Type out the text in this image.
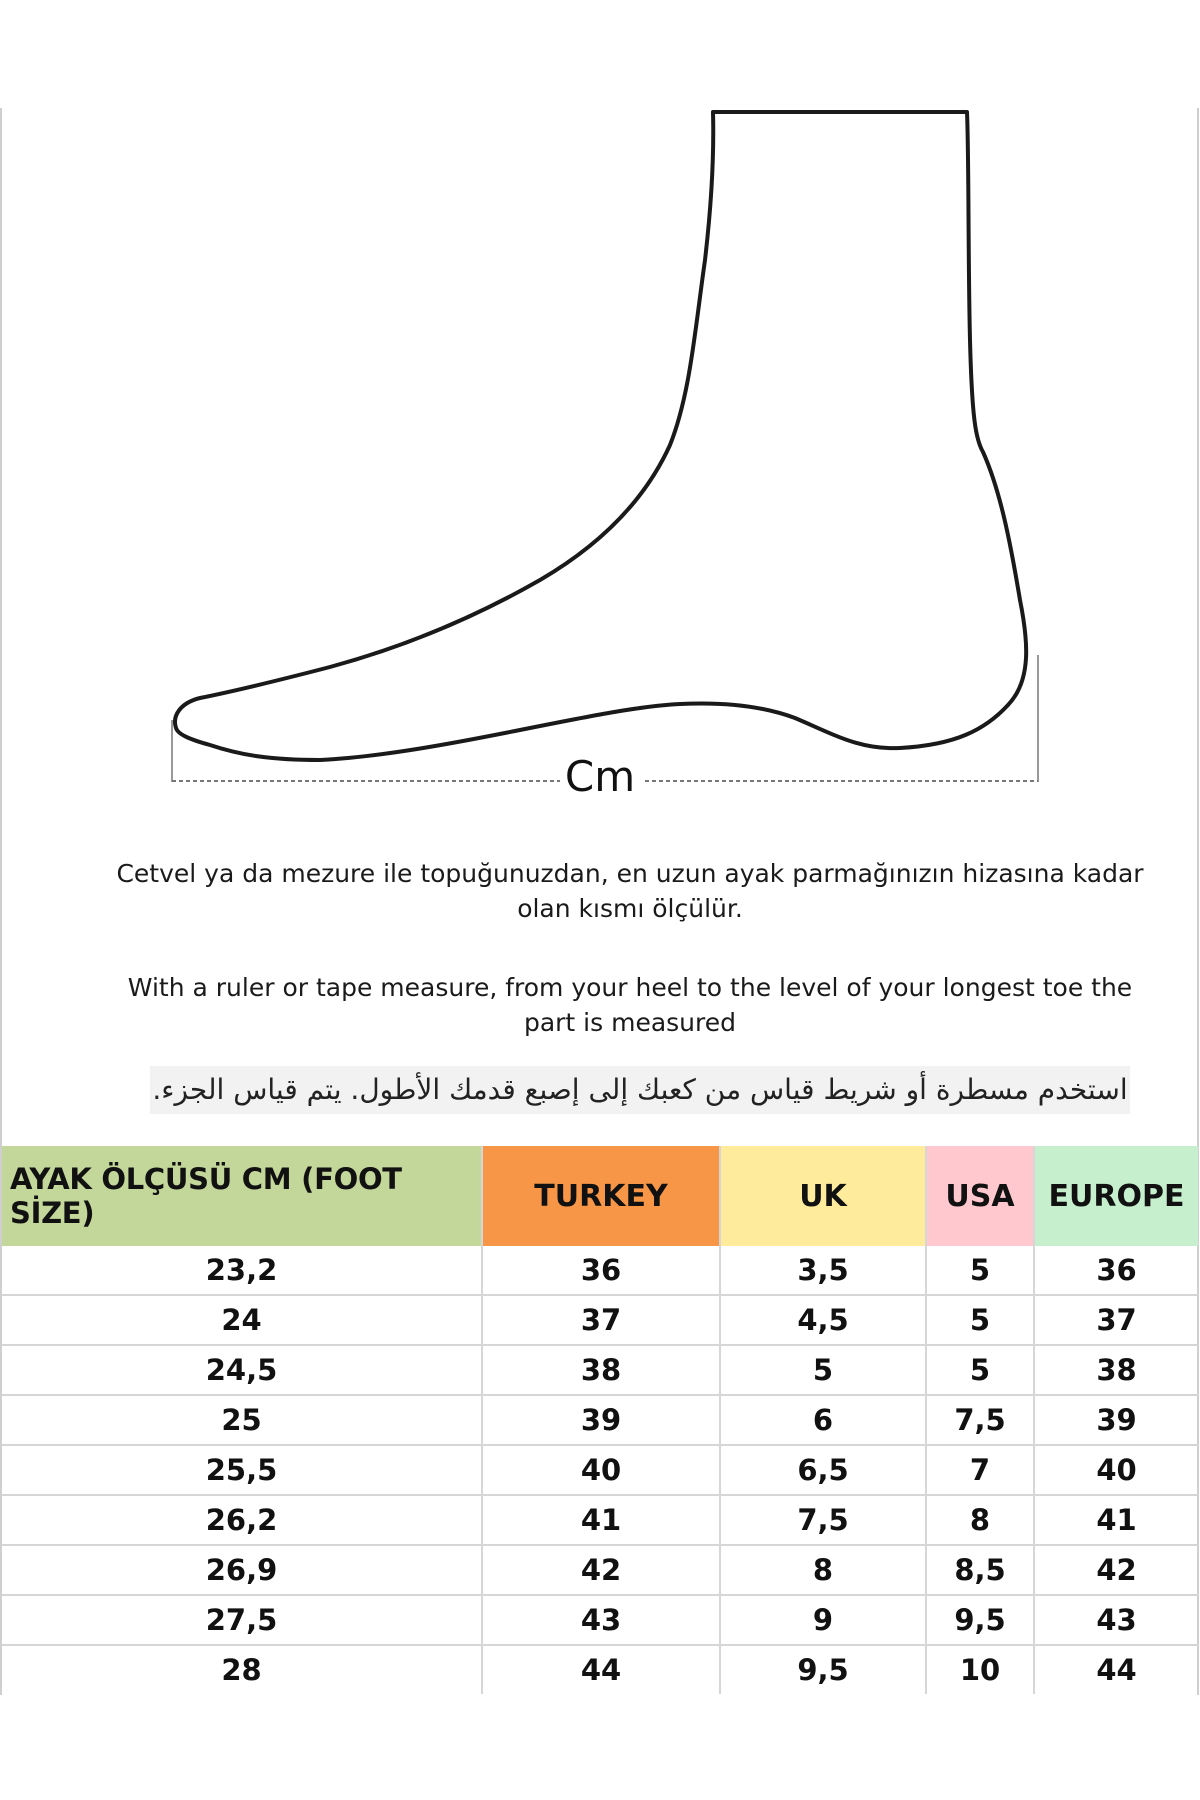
Cm
Cetvel ya da mezure ile topuğunuzdan, en uzun ayak parmağınızın hizasına kadar olan kısmı ölçülür.
With a ruler or tape measure, from your heel to the level of your longest toe the part is measured
استخدم مسطرة أو شريط قياس من كعبك إلى إصبع قدمك الأطول. يتم قياس الجزء.
AYAK ÖLÇÜSÜ CM (FOOT SİZE)	TURKEY	UK	USA	EUROPE
23,2	36	3,5	5	36
24	37	4,5	5	37
24,5	38	5	5	38
25	39	6	7,5	39
25,5	40	6,5	7	40
26,2	41	7,5	8	41
26,9	42	8	8,5	42
27,5	43	9	9,5	43
28	44	9,5	10	44
